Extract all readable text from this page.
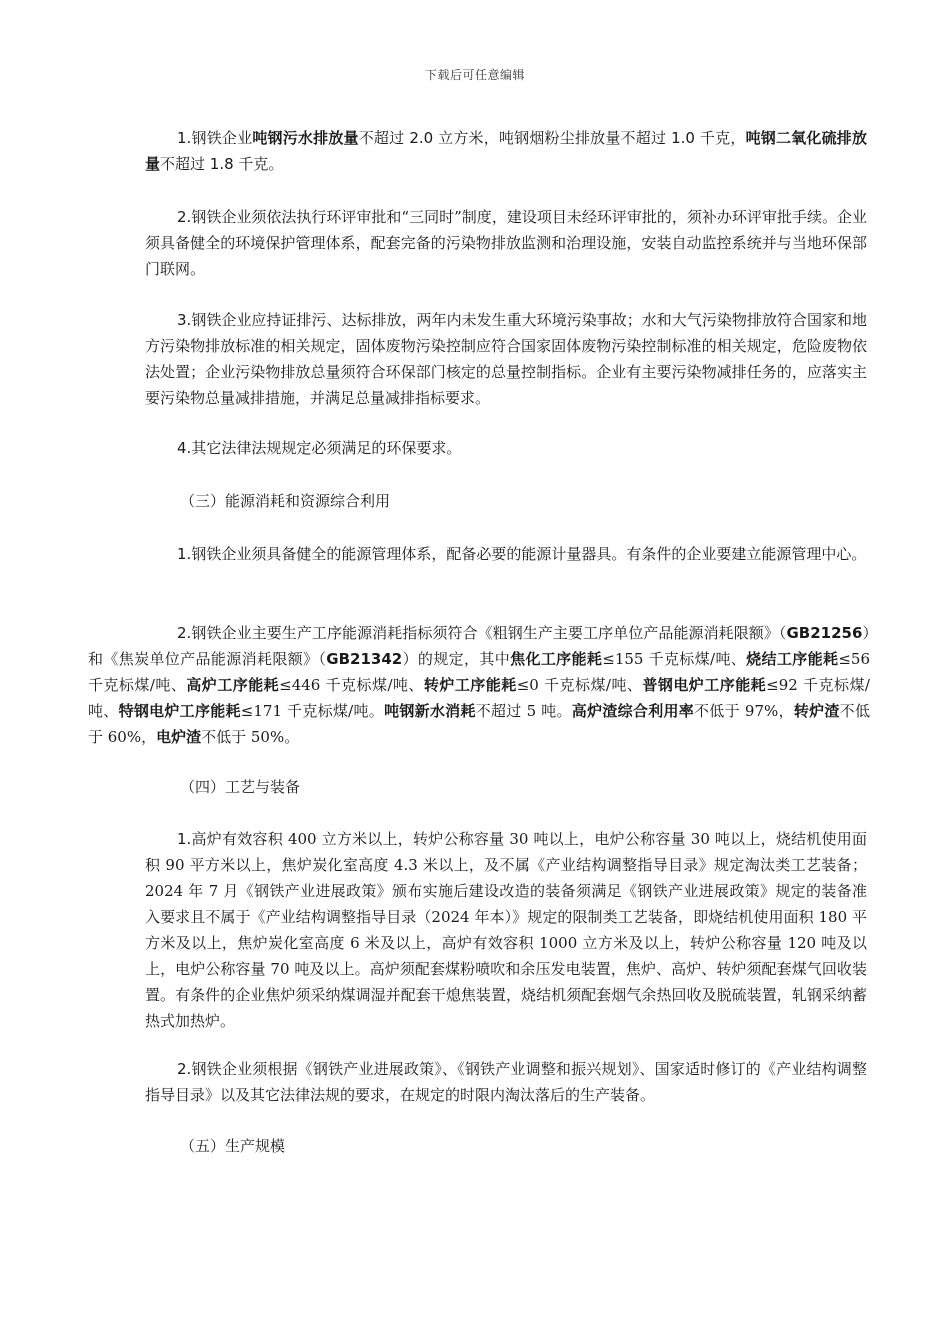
下载后可任意编辑

1.钢铁企业吨钢污水排放量不超过 2.0 立方米，吨钢烟粉尘排放量不超过 1.0 千克，吨钢二氧化硫排放量不超过 1.8 千克。

2.钢铁企业须依法执行环评审批和“三同时”制度，建设项目未经环评审批的，须补办环评审批手续。企业须具备健全的环境保护管理体系，配套完备的污染物排放监测和治理设施，安装自动监控系统并与当地环保部门联网。

3.钢铁企业应持证排污、达标排放，两年内未发生重大环境污染事故；水和大气污染物排放符合国家和地方污染物排放标准的相关规定，固体废物污染控制应符合国家固体废物污染控制标准的相关规定，危险废物依法处置；企业污染物排放总量须符合环保部门核定的总量控制指标。企业有主要污染物减排任务的，应落实主要污染物总量减排措施，并满足总量减排指标要求。

4.其它法律法规规定必须满足的环保要求。

（三）能源消耗和资源综合利用

1.钢铁企业须具备健全的能源管理体系，配备必要的能源计量器具。有条件的企业要建立能源管理中心。

2.钢铁企业主要生产工序能源消耗指标须符合《粗钢生产主要工序单位产品能源消耗限额》（GB21256）和《焦炭单位产品能源消耗限额》（GB21342）的规定，其中焦化工序能耗≤155 千克标煤/吨、烧结工序能耗≤56 千克标煤/吨、高炉工序能耗≤446 千克标煤/吨、转炉工序能耗≤0 千克标煤/吨、普钢电炉工序能耗≤92 千克标煤/吨、特钢电炉工序能耗≤171 千克标煤/吨。吨钢新水消耗不超过 5 吨。高炉渣综合利用率不低于 97%，转炉渣不低于 60%，电炉渣不低于 50%。

（四）工艺与装备

1.高炉有效容积 400 立方米以上，转炉公称容量 30 吨以上，电炉公称容量 30 吨以上，烧结机使用面积 90 平方米以上，焦炉炭化室高度 4.3 米以上，及不属《产业结构调整指导目录》规定淘汰类工艺装备；2024 年 7 月《钢铁产业进展政策》颁布实施后建设改造的装备须满足《钢铁产业进展政策》规定的装备准入要求且不属于《产业结构调整指导目录（2024 年本）》规定的限制类工艺装备，即烧结机使用面积 180 平方米及以上，焦炉炭化室高度 6 米及以上，高炉有效容积 1000 立方米及以上，转炉公称容量 120 吨及以上，电炉公称容量 70 吨及以上。高炉须配套煤粉喷吹和余压发电装置，焦炉、高炉、转炉须配套煤气回收装置。有条件的企业焦炉须采纳煤调湿并配套干熄焦装置，烧结机须配套烟气余热回收及脱硫装置，轧钢采纳蓄热式加热炉。

2.钢铁企业须根据《钢铁产业进展政策》、《钢铁产业调整和振兴规划》、国家适时修订的《产业结构调整指导目录》以及其它法律法规的要求，在规定的时限内淘汰落后的生产装备。

（五）生产规模
